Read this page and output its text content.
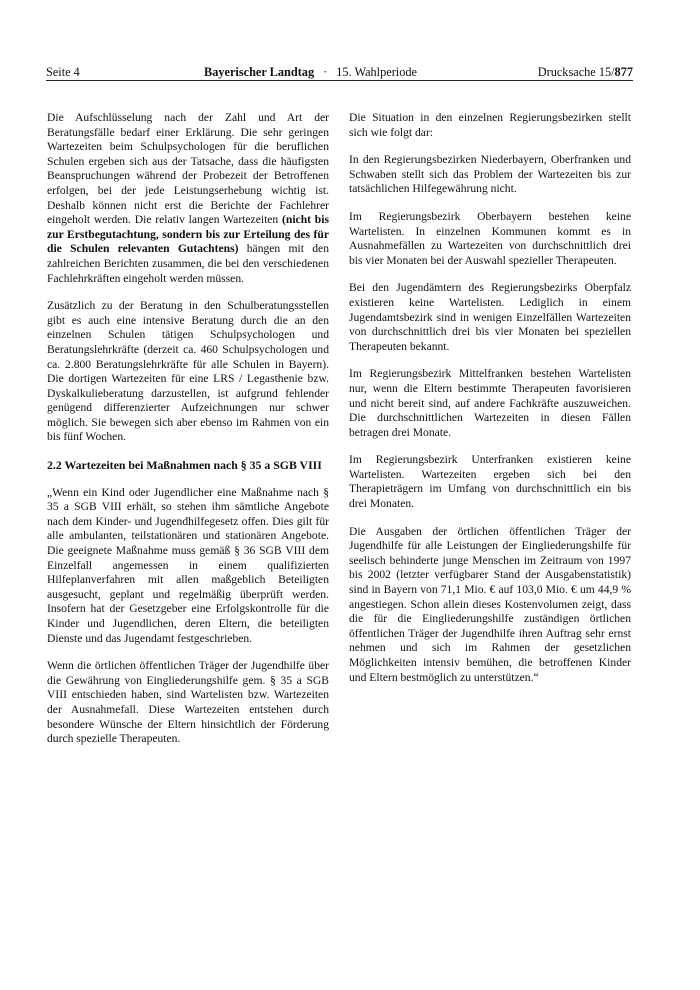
Seite 4	Bayerischer Landtag · 15. Wahlperiode	Drucksache 15/877

Die Aufschlüsselung nach der Zahl und Art der Beratungsfälle bedarf einer Erklärung. Die sehr geringen Wartezeiten beim Schulpsychologen für die beruflichen Schulen ergeben sich aus der Tatsache, dass die häufigsten Beanspruchungen während der Probezeit der Betroffenen erfolgen, bei der jede Leistungserhebung wichtig ist. Deshalb können nicht erst die Berichte der Fachlehrer eingeholt werden. Die relativ langen Wartezeiten (nicht bis zur Erstbegutachtung, sondern bis zur Erteilung des für die Schulen relevanten Gutachtens) hängen mit den zahlreichen Berichten zusammen, die bei den verschiedenen Fachlehrkräften eingeholt werden müssen.

Zusätzlich zu der Beratung in den Schulberatungsstellen gibt es auch eine intensive Beratung durch die an den einzelnen Schulen tätigen Schulpsychologen und Beratungslehrkräfte (derzeit ca. 460 Schulpsychologen und ca. 2.800 Beratungslehrkräfte für alle Schulen in Bayern). Die dortigen Wartezeiten für eine LRS / Legasthenie bzw. Dyskalkulieberatung darzustellen, ist aufgrund fehlender genügend differenzierter Aufzeichnungen nur schwer möglich. Sie bewegen sich aber ebenso im Rahmen von ein bis fünf Wochen.

2.2 Wartezeiten bei Maßnahmen nach § 35 a SGB VIII

„Wenn ein Kind oder Jugendlicher eine Maßnahme nach § 35 a SGB VIII erhält, so stehen ihm sämtliche Angebote nach dem Kinder- und Jugendhilfegesetz offen. Dies gilt für alle ambulanten, teilstationären und stationären Angebote. Die geeignete Maßnahme muss gemäß § 36 SGB VIII dem Einzelfall angemessen in einem qualifizierten Hilfeplanverfahren mit allen maßgeblich Beteiligten ausgesucht, geplant und regelmäßig überprüft werden. Insofern hat der Gesetzgeber eine Erfolgskontrolle für die Kinder und Jugendlichen, deren Eltern, die beteiligten Dienste und das Jugendamt festgeschrieben.

Wenn die örtlichen öffentlichen Träger der Jugendhilfe über die Gewährung von Eingliederungshilfe gem. § 35 a SGB VIII entschieden haben, sind Wartelisten bzw. Wartezeiten der Ausnahmefall. Diese Wartezeiten entstehen durch besondere Wünsche der Eltern hinsichtlich der Förderung durch spezielle Therapeuten.

Die Situation in den einzelnen Regierungsbezirken stellt sich wie folgt dar:

In den Regierungsbezirken Niederbayern, Oberfranken und Schwaben stellt sich das Problem der Wartezeiten bis zur tatsächlichen Hilfegewährung nicht.

Im Regierungsbezirk Oberbayern bestehen keine Wartelisten. In einzelnen Kommunen kommt es in Ausnahmefällen zu Wartezeiten von durchschnittlich drei bis vier Monaten bei der Auswahl spezieller Therapeuten.

Bei den Jugendämtern des Regierungsbezirks Oberpfalz existieren keine Wartelisten. Lediglich in einem Jugendamtsbezirk sind in wenigen Einzelfällen Wartezeiten von durchschnittlich drei bis vier Monaten bei speziellen Therapeuten bekannt.

Im Regierungsbezirk Mittelfranken bestehen Wartelisten nur, wenn die Eltern bestimmte Therapeuten favorisieren und nicht bereit sind, auf andere Fachkräfte auszuweichen. Die durchschnittlichen Wartezeiten in diesen Fällen betragen drei Monate.

Im Regierungsbezirk Unterfranken existieren keine Wartelisten. Wartezeiten ergeben sich bei den Therapieträgern im Umfang von durchschnittlich ein bis drei Monaten.

Die Ausgaben der örtlichen öffentlichen Träger der Jugendhilfe für alle Leistungen der Eingliederungshilfe für seelisch behinderte junge Menschen im Zeitraum von 1997 bis 2002 (letzter verfügbarer Stand der Ausgabenstatistik) sind in Bayern von 71,1 Mio. € auf 103,0 Mio. € um 44,9 % angestiegen. Schon allein dieses Kostenvolumen zeigt, dass die für die Eingliederungshilfe zuständigen örtlichen öffentlichen Träger der Jugendhilfe ihren Auftrag sehr ernst nehmen und sich im Rahmen der gesetzlichen Möglichkeiten intensiv bemühen, die betroffenen Kinder und Eltern bestmöglich zu unterstützen.“
